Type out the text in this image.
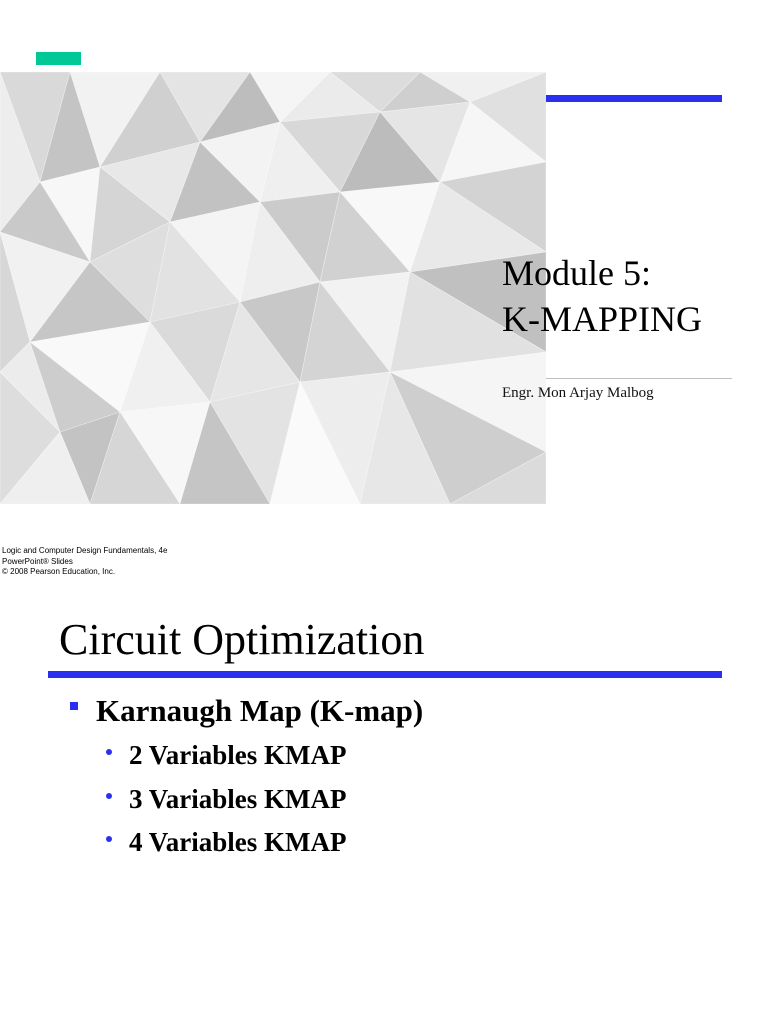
Module 5:
K-MAPPING
Engr. Mon Arjay Malbog
Logic and Computer Design Fundamentals, 4e
PowerPoint® Slides
© 2008 Pearson Education, Inc.
Circuit Optimization
Karnaugh Map (K-map)
2 Variables KMAP
3 Variables KMAP
4 Variables KMAP
